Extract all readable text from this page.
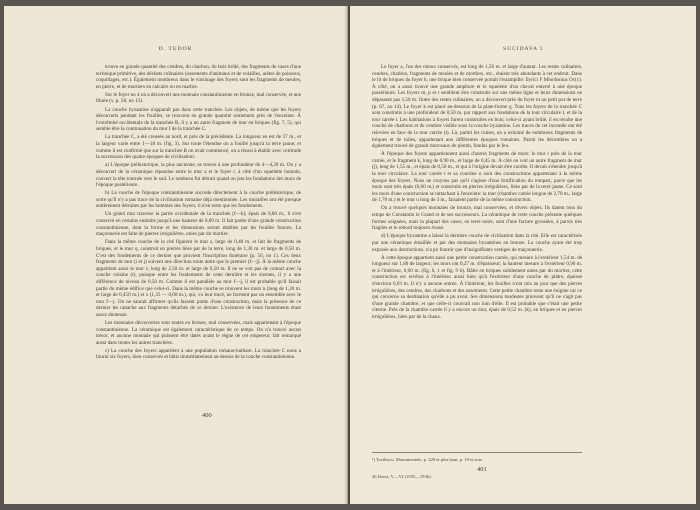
D. TUDOR

trouve en grande quantité des cendres, du charbon, du bois brûlé, des fragments de vases d'une technique primitive, des déchets culinaires (ossements d'animaux et de volailles, arêtes de poissons, coquillages, etc.). Également nombreux dans le voisinage des foyers sont les fragments de meules, en pierre, et de mortiers en calcaire ou en marbre.

Sur le foyer no 4 on a découvert une monnaie constantinienne en bronze, mal conservée, et une fibule (v. p. 58, no 13).

La couche byzantine n'apparaît pas dans cette tranchée. Les objets, de même que les foyers découverts pendant les fouilles, se trouvent en grande quantité seulement près de l'enceinte. À l'extrémité occidentale de la tranchée B, il y a un autre fragment de mur en briques (fig. 7, 5), qui semble être la continuation du mur I de la tranchée C.

La tranchée C, a été creusée au nord, et près de la précédente. La longueur en est de 37 m., et la largeur varie entre 1—18 m. (fig. 3). Sur toute l'étendue on a fouillé jusqu'à la terre jaune; et comme il est confirmé que sur la tranchée B on avait commencé, on a réussi à établir avec certitude la succession des quatre époques de civilisation:

a) L'époque préhistorique, la plus ancienne, se trouve à une profondeur de 4—4,20 m. On y a découvert de la céramique répandue entre le mur a et le foyer r, à côté d'un squelette humain, couvert la tête tournée vers le sud. Le tombeau fut détruit quand on jeta les fondations des murs de l'époque postérieure.

b) La couche de l'époque constantinienne succède directement à la couche préhistorique, de sorte qu'il n'y a pas trace de la civilisation romaine déjà mentionnée. Les murailles ont été presque entièrement détruites par les hommes des foyers; il n'en reste que les fondements.

Un grand mur traverse la partie occidentale de la tranchée (f—k); épais de 0,60 m., il s'est conservé en certains endroits jusqu'à une hauteur de 0,80 m. Il fait partie d'une grande construction constantinienne, dont la forme et les dimensions seront établies par les fouilles futures. La maçonnerie est faite de pierres irrégulières, unies par du mortier.

Dans la même couche de la cité figurent le mur s, large de 0,40 m. et fait de fragments de briques, et le mur q, construit en pierres liées par de la terre, long de 1,30 m. et large de 0,50 m. C'est des fondements de ce dernier que provient l'inscription funéraire (p. 50, no 1). Ces deux fragments de mur (i et j) suivent une direction toute autre que le premier (f—j). À la même couche appartient aussi le mur v, long de 2,50 m. et large de 0,50 m. Il ne se voit pas de contact avec la couche voisine (t), puisque entre les fondements de cette dernière et les siennes, il y a une différence de niveau de 0,50 m. Comme il est parallèle au mur f—j, il est probable qu'il faisait partie du même édifice que celui-ci. Dans la même couche se trouvent les murs n (long de 1,20 m. et large de 0,450 m.) et x (1,35 — 0,60 m.), qui, vu leur tracé, ne forment pas un ensemble avec le mur f—j. On ne saurait affirmer qu'ils fassent partie d'une construction, mais la présence de ce dernier les rattache aux fragments détachés de ce dernier. L'existence de leurs fondements étant assez douteuse.

Les monnaies découvertes sont toutes en bronze, mal conservées, mais appartenant à l'époque constantinienne. La céramique est également caractéristique de ce temps. On n'a trouvé aucun trésor, et aucune monnaie qui puissent être datés avant le règne de cet empereur, fait remarqué aussi dans toutes les autres tranchées.

c) La couche des foyers appartient à une population romano-barbare. La tranchée C nous a fourni six foyers, bien conservés et bâtis immédiatement au-dessus de la couche constantinienne.

400
SUCIDAVA I

Le foyer a, l'un des mieux conservés, est long de 1,50 m. et large d'autant. Les restes culinaires, cendres, charbon, fragments de meules et de mortiers, etc., étaient très abondants à cet endroit. Dans le lit de briques du foyer h, une brique bien conservée portait l'estampille: Ilyrici F Mlordonius Oc(c). À côté, on a aussi trouvé une grande amphore et le squelette d'un cheval enterré à une époque postérieure. Les foyers m, p et r semblent être construits sur une même ligne et leurs dimensions ne dépassent pas 1,50 m. Outre des restes culinaires, on a découvert près du foyer m un petit pot de terre (p. 67, no 14). Le foyer k est placé au-dessous de la plate-forme g. Tous les foyers de la tranchée C sont construits à une profondeur de 0,50 m. par rapport aux fondations de la tour circulaire I, et de la tour carrée t. Les habitations à foyers furent construites en bois; celui-ci ayant brûlé, il en résulte une couche de charbons et de cendres visible sous la couche byzantine. Les traces de cet incendie ont été relevées en face de la tour carrée (t). Là, parmi les ruines, on a exhumé de nombreux fragments de briques et de tuiles, appartenant aux différentes époques romaines. Parmi les décombres on a également trouvé de grands morceaux de plomb, fondus par le feu.

À l'époque des foyers appartiennent aussi d'autres fragments de murs: le mur r près de la tour carrée, et le fragment k, long de 0,90 m., et large de 0,45 m. À côté on voit un autre fragment de mur (j), long de 1,55 m., et épais de 0,50 m., et qui à l'origine devait être courbe. Il devait s'étendre jusqu'à la tour circulaire. La tour carrée t et sa courtine n sont des constructions appartenant à la même époque des foyers. Nous ne croyons pas qu'il s'agisse d'une fortification du rempart, parce que les murs sont très épais (0,60 m.) et construits en pierres irrégulières, liées par de la terre jaune. Ce sont les murs d'une construction se rattachant à l'enceinte: la tour (chambre carrée longue de 2,70 m., large de 1,70 m.) et le mur u long de 3 m., faisaient partie de la même construction.

On a trouvé quelques monnaies de bronze, mal conservées, et divers objets. Ils datent tous du temps de Constantin le Grand et de ses successeurs. La céramique de cette couche présente quelques formes soignées, mais la plupart des vases, en terre noire, sont d'une facture grossière, à parois très fragiles et le rebord toujours évasé.

d) L'époque byzantine a laissé la dernière couche de civilisation dans la cité. Elle est caractérisée par une céramique émaillée et par des monnaies byzantines en bronze. La couche ayant été trop exposée aux destructions, n'a pu fournir que d'insignifiants vestiges de maçonnerie.

À cette époque appartient aussi une petite construction carrée, qui mesure à l'extérieur 1,54 m. de longueur sur 1,80 de largeur; les murs ont 0,27 m. d'épaisseur; la hauteur mesure à l'extérieur 0,96 m. et à l'intérieur, 0,60 m. (fig. 6, 1 et fig. 9 b). Bâtie en briques solidement unies par du mortier, cette construction est revêtue à l'intérieur aussi bien qu'à l'extérieur d'une couche de plâtre, épaisse d'environ 0,03 m. Il n'y a aucune entrée. À l'intérieur, les fouilles n'ont mis au jour que des pierres irrégulières, des cendres, des charbons et des ossements. Cette petite chambre reste une énigme car ce qui concerne sa destination qu'elle a pu avoir. Ses dimensions modestes prouvent qu'il ne s'agit pas d'une grande chambre, et que celle-ci couvrait non loin d'elle. Il est probable que c'était une petite citerne. Près de la chambre carrée il y a encore un mur, épais de 0,52 m. (k), en briques et en pierres irrégulières, liées par de la chaux.

¹) Tocilescu, Monumentele, p. 228 et plus haut, p. 10 et suiv.
26 Dacia, V—VI (1935—1936).
401
